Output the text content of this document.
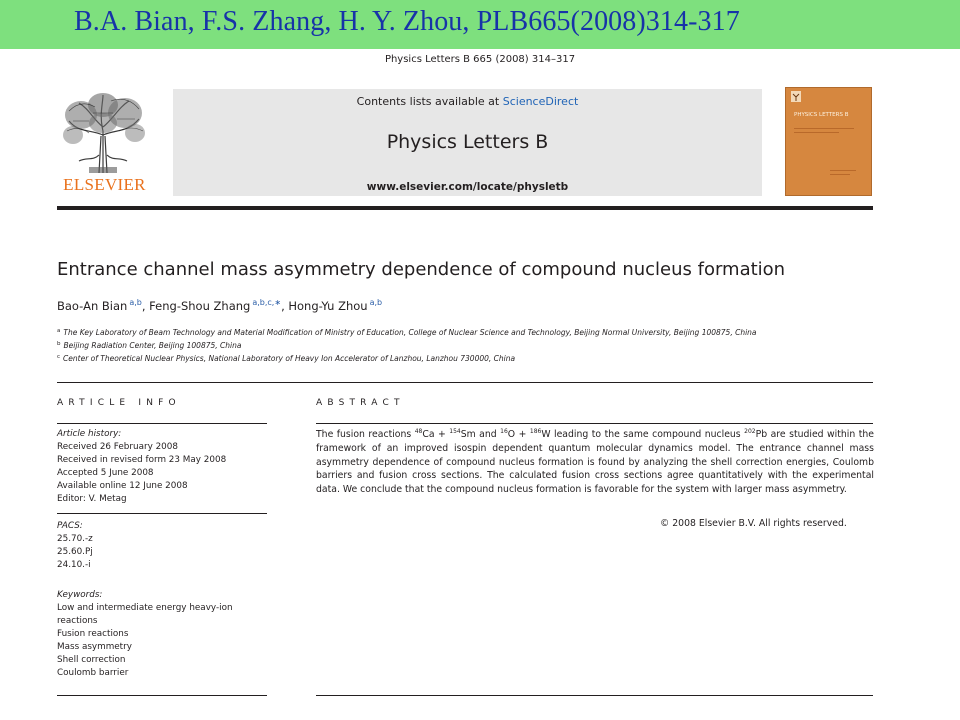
B.A. Bian, F.S. Zhang, H. Y. Zhou, PLB665(2008)314-317
Physics Letters B 665 (2008) 314–317
ELSEVIER
Contents lists available at ScienceDirect
Physics Letters B
www.elsevier.com/locate/physletb
PHYSICS LETTERS B
Entrance channel mass asymmetry dependence of compound nucleus formation
Bao-An Bian $^{a,b}$, Feng-Shou Zhang $^{a,b,c,∗}$, Hong-Yu Zhou $^{a,b}$
$^a$ The Key Laboratory of Beam Technology and Material Modification of Ministry of Education, College of Nuclear Science and Technology, Beijing Normal University, Beijing 100875, China
$^b$ Beijing Radiation Center, Beijing 100875, China
$^c$ Center of Theoretical Nuclear Physics, National Laboratory of Heavy Ion Accelerator of Lanzhou, Lanzhou 730000, China
ARTICLE INFO	ABSTRACT
Article history:
Received 26 February 2008
Received in revised form 23 May 2008
Accepted 5 June 2008
Available online 12 June 2008
Editor: V. Metag
PACS:
25.70.-z
25.60.Pj
24.10.-i
Keywords:
Low and intermediate energy heavy-ion
reactions
Fusion reactions
Mass asymmetry
Shell correction
Coulomb barrier
The fusion reactions $^{48}$Ca + $^{154}$Sm and $^{16}$O + $^{186}$W leading to the same compound nucleus $^{202}$Pb are studied within the framework of an improved isospin dependent quantum molecular dynamics model. The entrance channel mass asymmetry dependence of compound nucleus formation is found by analyzing the shell correction energies, Coulomb barriers and fusion cross sections. The calculated fusion cross sections agree quantitatively with the experimental data. We conclude that the compound nucleus formation is favorable for the system with larger mass asymmetry.
© 2008 Elsevier B.V. All rights reserved.
